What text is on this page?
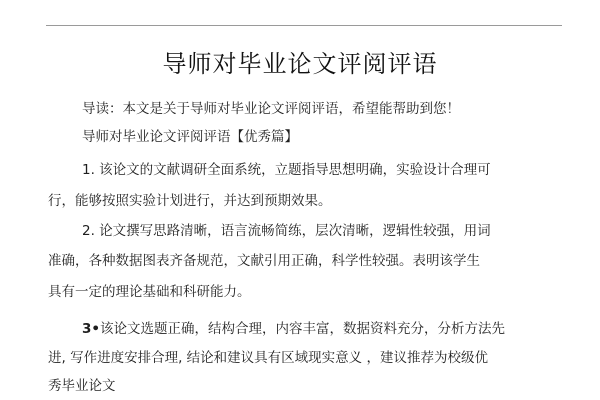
导师对毕业论文评阅评语
导读：本文是关于导师对毕业论文评阅评语，希望能帮助到您！
导师对毕业论文评阅评语【优秀篇】
1. 该论文的文献调研全面系统，立题指导思想明确，实验设计合理可
行，能够按照实验计划进行，并达到预期效果。
2. 论文撰写思路清晰，语言流畅简练，层次清晰，逻辑性较强，用词
准确，各种数据图表齐备规范，文献引用正确，科学性较强。表明该学生
具有一定的理论基础和科研能力。
3•该论文选题正确，结构合理，内容丰富，数据资料充分，分析方法先
进, 写作进度安排合理, 结论和建议具有区域现实意义 ，建议推荐为校级优
秀毕业论文
